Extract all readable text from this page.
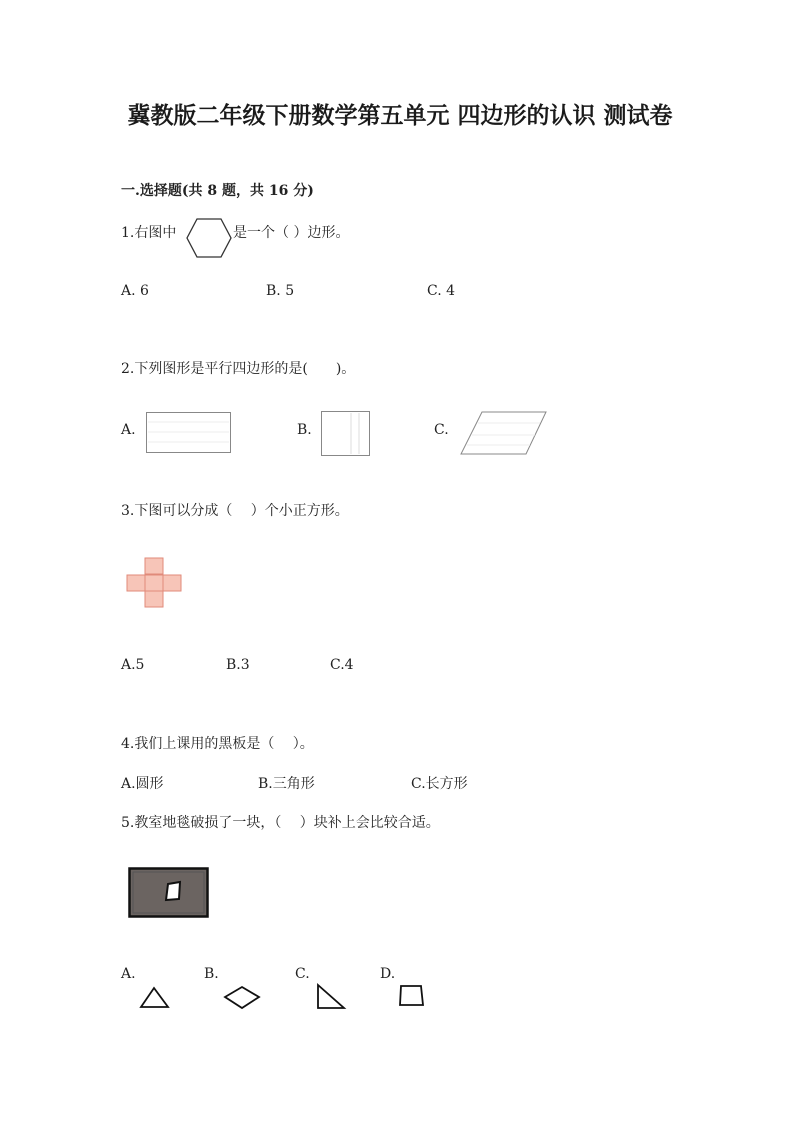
冀教版二年级下册数学第五单元 四边形的认识 测试卷
一.选择题(共 8 题，共 16 分)
1.右图中	是一个（ ）边形。
A. 6	B. 5	C. 4
2.下列图形是平行四边形的是(　　)。
A.	B.	C.
3.下图可以分成（　 ）个小正方形。
A.5	B.3	C.4
4.我们上课用的黑板是（　 ）。
A.圆形	B.三角形	C.长方形
5.教室地毯破损了一块，（　 ）块补上会比较合适。
A.	B.	C.	D.
